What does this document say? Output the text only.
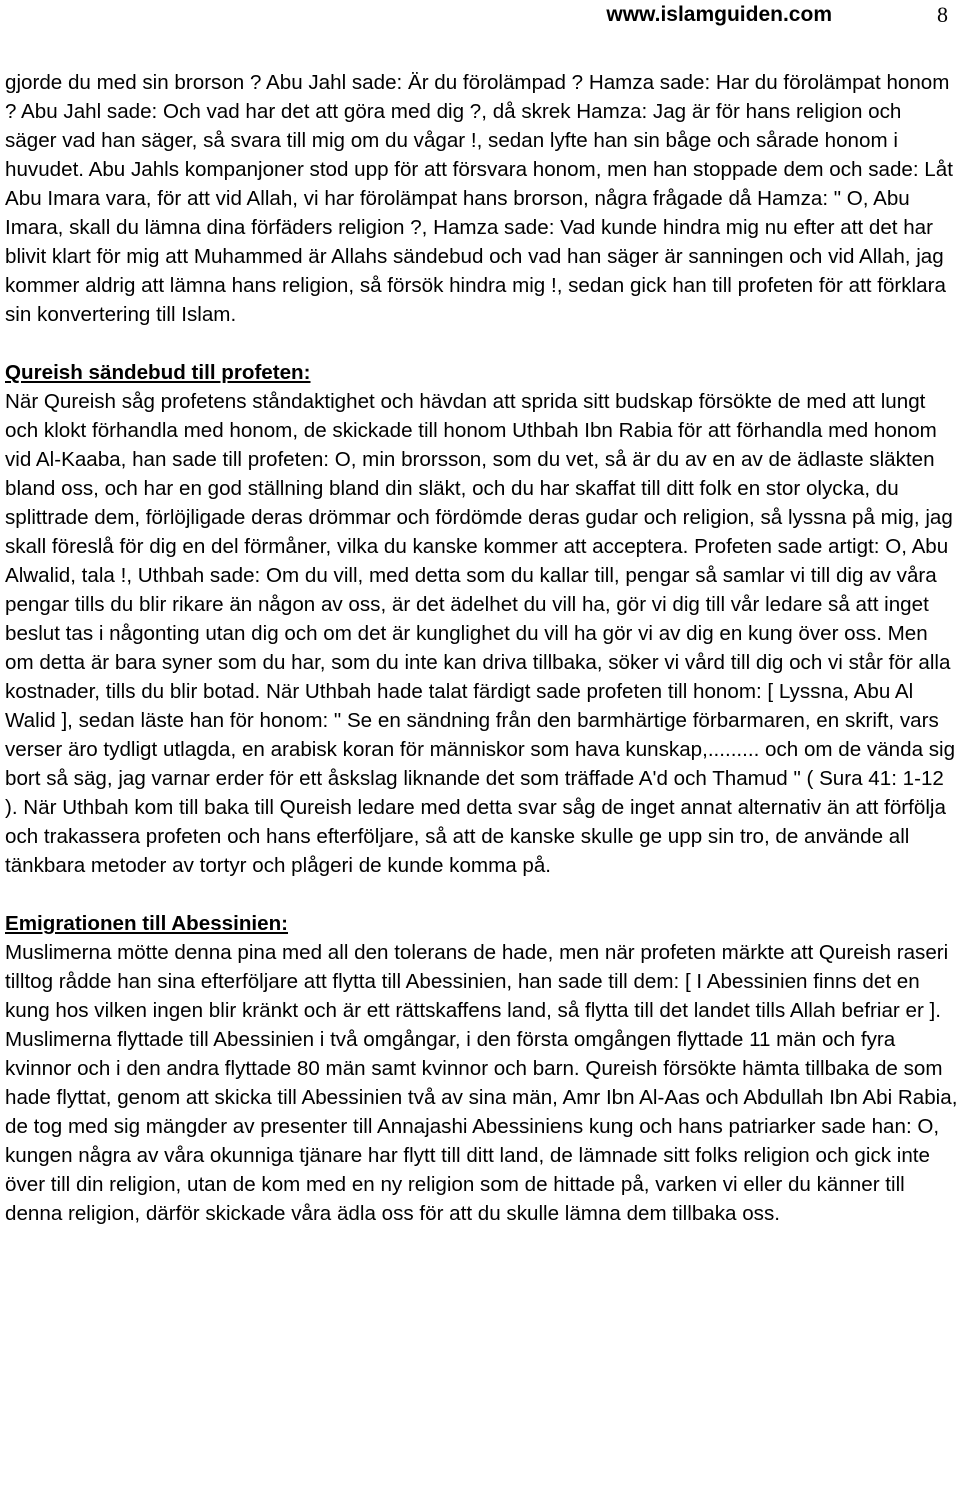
www.islamguiden.com	8

gjorde du med sin brorson ? Abu Jahl sade: Är du förolämpad ? Hamza sade: Har du förolämpat honom ? Abu Jahl sade: Och vad har det att göra med dig ?, då skrek Hamza: Jag är för hans religion och säger vad han säger, så svara till mig om du vågar !, sedan lyfte han sin båge och sårade honom i huvudet. Abu Jahls kompanjoner stod upp för att försvara honom, men han stoppade dem och sade: Låt Abu Imara vara, för att vid Allah, vi har förolämpat hans brorson, några frågade då Hamza: " O, Abu Imara, skall du lämna dina förfäders religion ?, Hamza sade: Vad kunde hindra mig nu efter att det har blivit klart för mig att Muhammed är Allahs sändebud och vad han säger är sanningen och vid Allah, jag kommer aldrig att lämna hans religion, så försök hindra mig !, sedan gick han till profeten för att förklara sin konvertering till Islam.

Qureish sändebud till profeten:

När Qureish såg profetens ståndaktighet och hävdan att sprida sitt budskap försökte de med att lungt och klokt förhandla med honom, de skickade till honom Uthbah Ibn Rabia för att förhandla med honom vid Al-Kaaba, han sade till profeten: O, min brorsson, som du vet, så är du av en av de ädlaste släkten bland oss, och har en god ställning bland din släkt, och du har skaffat till ditt folk en stor olycka, du splittrade dem, förlöjligade deras drömmar och fördömde deras gudar och religion, så lyssna på mig, jag skall föreslå för dig en del förmåner, vilka du kanske kommer att acceptera. Profeten sade artigt: O, Abu Alwalid, tala !, Uthbah sade: Om du vill, med detta som du kallar till, pengar så samlar vi till dig av våra pengar tills du blir rikare än någon av oss, är det ädelhet du vill ha, gör vi dig till vår ledare så att inget beslut tas i någonting utan dig och om det är kunglighet du vill ha gör vi av dig en kung över oss. Men om detta är bara syner som du har, som du inte kan driva tillbaka, söker vi vård till dig och vi står för alla kostnader, tills du blir botad. När Uthbah hade talat färdigt sade profeten till honom: [ Lyssna, Abu Al Walid ], sedan läste han för honom: " Se en sändning från den barmhärtige förbarmaren, en skrift, vars verser äro tydligt utlagda, en arabisk koran för människor som hava kunskap,......... och om de vända sig bort så säg, jag varnar erder för ett åskslag liknande det som träffade A'd och Thamud " ( Sura 41: 1-12 ). När Uthbah kom till baka till Qureish ledare med detta svar såg de inget annat alternativ än att förfölja och trakassera profeten och hans efterföljare, så att de kanske skulle ge upp sin tro, de använde all tänkbara metoder av tortyr och plågeri de kunde komma på.

Emigrationen till Abessinien:

Muslimerna mötte denna pina med all den tolerans de hade, men när profeten märkte att Qureish raseri tilltog rådde han sina efterföljare att flytta till Abessinien, han sade till dem: [ I Abessinien finns det en kung hos vilken ingen blir kränkt och är ett rättskaffens land, så flytta till det landet tills Allah befriar er ]. Muslimerna flyttade till Abessinien i två omgångar, i den första omgången flyttade 11 män och fyra kvinnor och i den andra flyttade 80 män samt kvinnor och barn. Qureish försökte hämta tillbaka de som hade flyttat, genom att skicka till Abessinien två av sina män, Amr Ibn Al-Aas och Abdullah Ibn Abi Rabia, de tog med sig mängder av presenter till Annajashi Abessiniens kung och hans patriarker sade han: O, kungen några av våra okunniga tjänare har flytt till ditt land, de lämnade sitt folks religion och gick inte över till din religion, utan de kom med en ny religion som de hittade på, varken vi eller du känner till denna religion, därför skickade våra ädla oss för att du skulle lämna dem tillbaka oss.
